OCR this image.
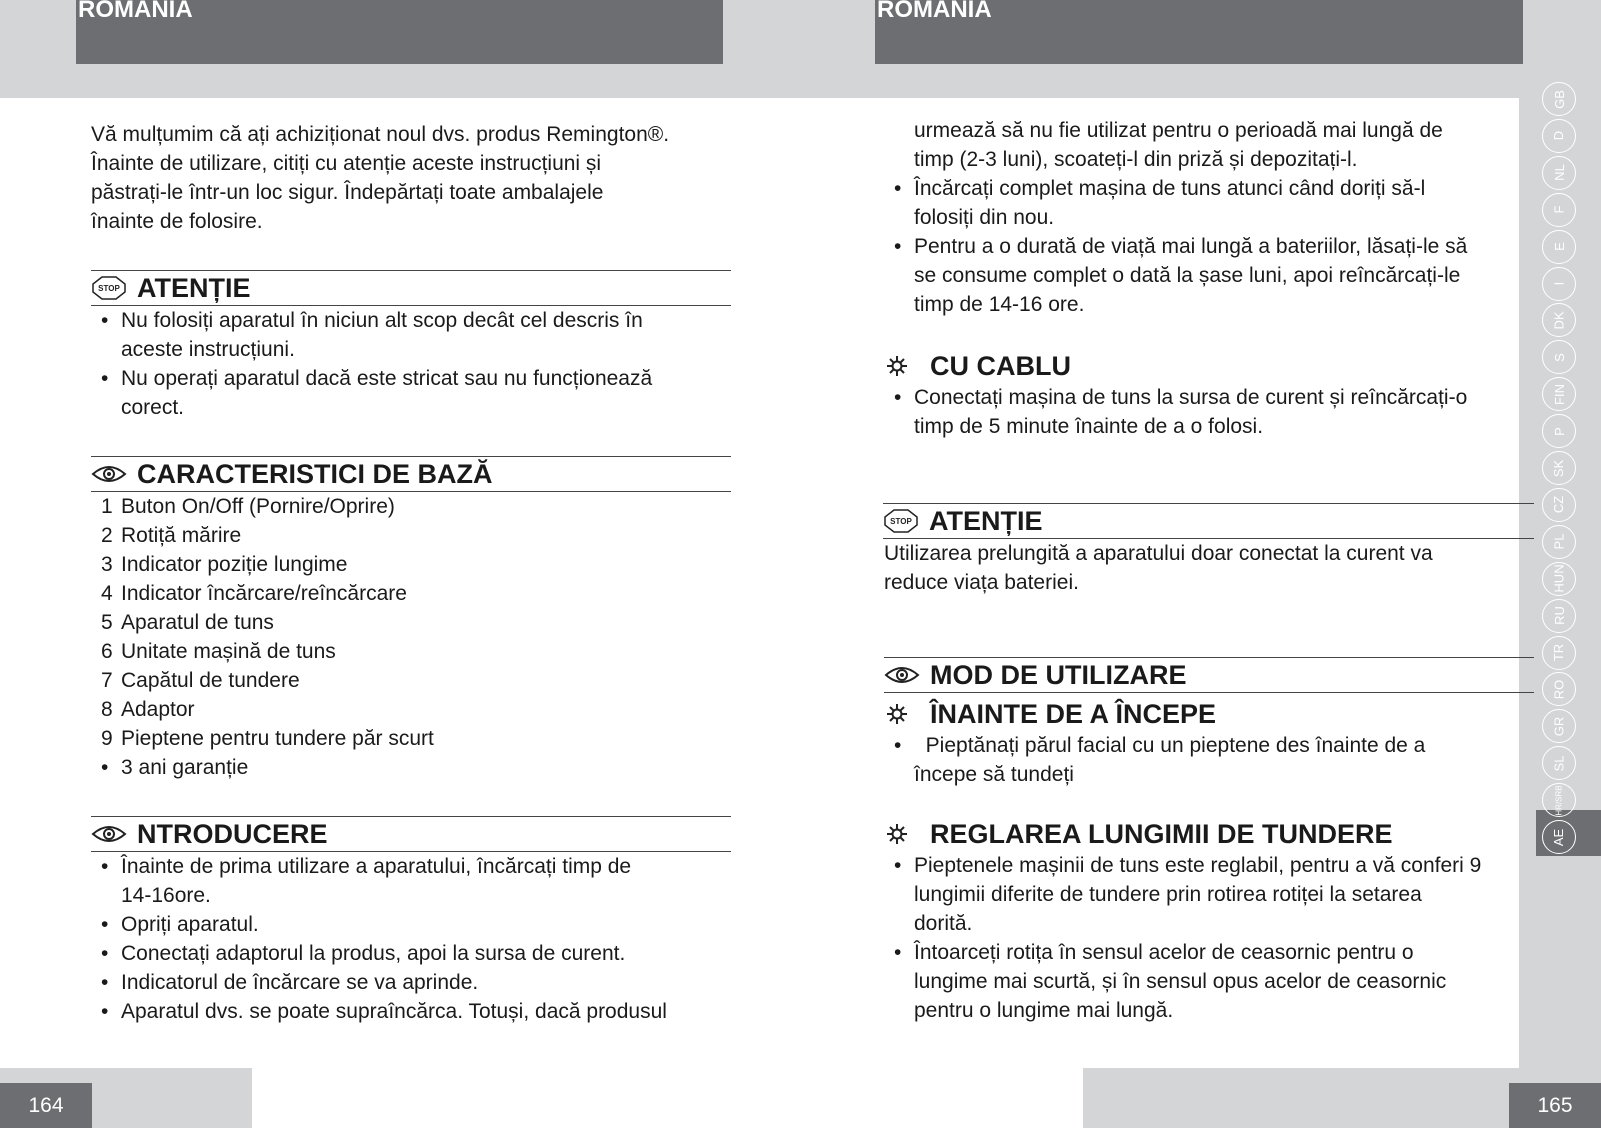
ROMANIA	ROMANIA
GB
D
NL
F
E
I
DK
S
FIN
P
SK
CZ
PL
HUN
RU
TR
RO
GR
SL
HR/SRB
AE

Vă mulțumim că ați achiziționat noul dvs. produs Remington®.

Înainte de utilizare, citiți cu atenție aceste instrucțiuni și

păstrați-le într-un loc sigur. Îndepărtați toate ambalajele

înainte de folosire.

STOP ATENȚIE
• Nu folosiți aparatul în niciun alt scop decât cel descris în
aceste instrucțiuni.
• Nu operați aparatul dacă este stricat sau nu funcționează
corect.
CARACTERISTICI DE BAZĂ
1 Buton On/Off (Pornire/Oprire)
2 Rotiță mărire
3 Indicator poziție lungime
4 Indicator încărcare/reîncărcare
5 Aparatul de tuns
6 Unitate mașină de tuns
7 Capătul de tundere
8 Adaptor
9 Pieptene pentru tundere păr scurt
• 3 ani garanție
NTRODUCERE
• Înainte de prima utilizare a aparatului, încărcați timp de
14-16ore.
• Opriți aparatul.
• Conectați adaptorul la produs, apoi la sursa de curent.
• Indicatorul de încărcare se va aprinde.
• Aparatul dvs. se poate supraîncărca. Totuși, dacă produsul
urmează să nu fie utilizat pentru o perioadă mai lungă de
timp (2-3 luni), scoateți-l din priză și depozitați-l.
• Încărcați complet mașina de tuns atunci când doriți să-l
folosiți din nou.
• Pentru a o durată de viață mai lungă a bateriilor, lăsați-le să
se consume complet o dată la șase luni, apoi reîncărcați-le
timp de 14-16 ore.
CU CABLU
• Conectați mașina de tuns la sursa de curent și reîncărcați-o
timp de 5 minute înainte de a o folosi.
STOP ATENȚIE
Utilizarea prelungită a aparatului doar conectat la curent va
reduce viața bateriei.
MOD DE UTILIZARE
ÎNAINTE DE A ÎNCEPE
• Pieptănați părul facial cu un pieptene des înainte de a
începe să tundeți
REGLAREA LUNGIMII DE TUNDERE
• Pieptenele mașinii de tuns este reglabil, pentru a vă conferi 9
lungimii diferite de tundere prin rotirea rotiței la setarea
dorită.
• Întoarceți rotița în sensul acelor de ceasornic pentru o
lungime mai scurtă, și în sensul opus acelor de ceasornic
pentru o lungime mai lungă.
164	165
